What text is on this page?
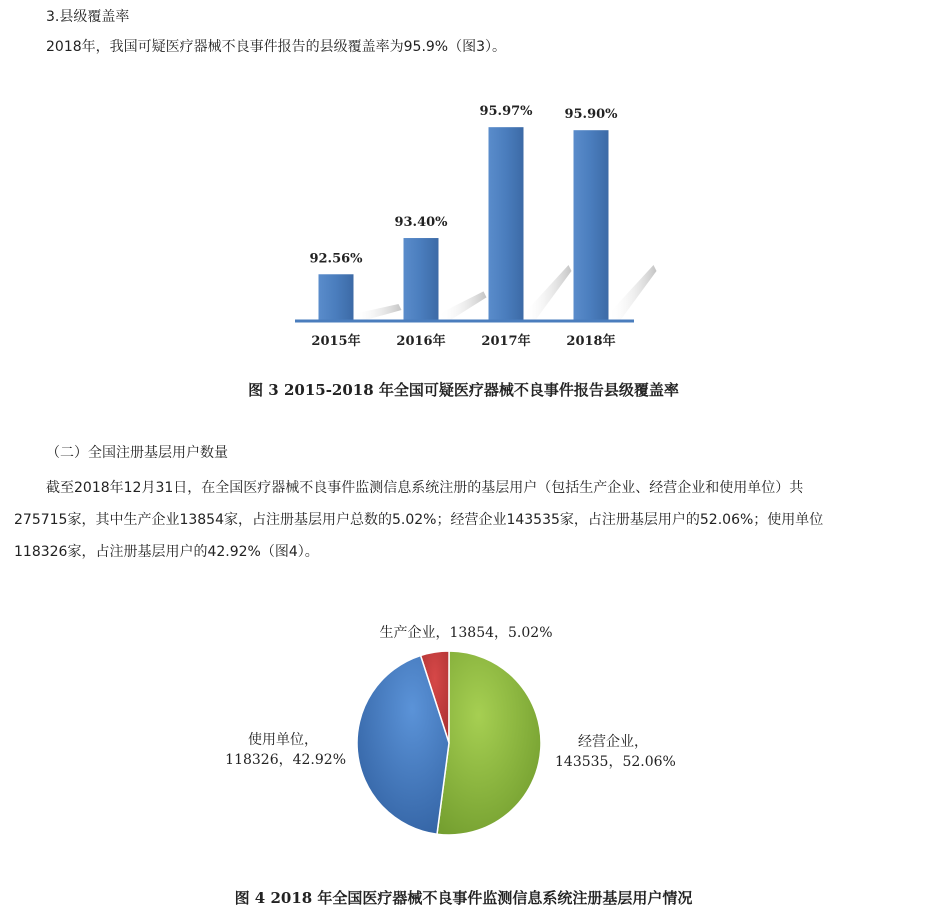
3.县级覆盖率
2018年，我国可疑医疗器械不良事件报告的县级覆盖率为95.9%（图3）。
92.56%
93.40%
95.97% 95.90%
2015年	2016年	2017年	2018年
图 3 2015-2018 年全国可疑医疗器械不良事件报告县级覆盖率
（二）全国注册基层用户数量
截至2018年12月31日，在全国医疗器械不良事件监测信息系统注册的基层用户（包括生产企业、经营企业和使用单位）共
275715家，其中生产企业13854家，占注册基层用户总数的5.02%；经营企业143535家，占注册基层用户的52.06%；使用单位
118326家，占注册基层用户的42.92%（图4）。
生产企业，13854，5.02%
经营企业，
143535，52.06%
使用单位，
118326，42.92%
图 4 2018 年全国医疗器械不良事件监测信息系统注册基层用户情况
